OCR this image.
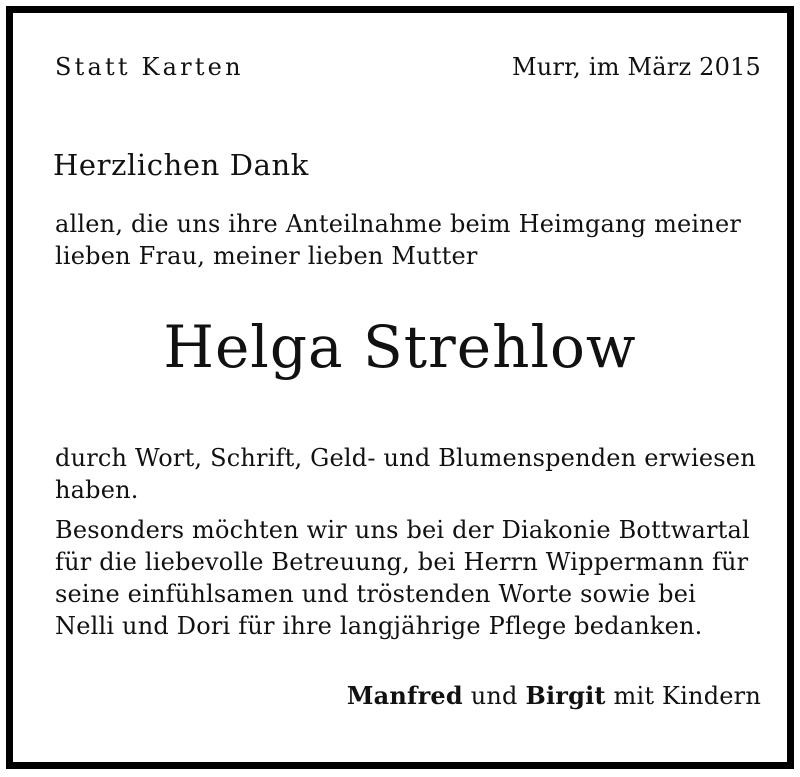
Statt Karten	Murr, im März 2015
Herzlichen Dank
allen, die uns ihre Anteilnahme beim Heimgang meiner
lieben Frau, meiner lieben Mutter
Helga Strehlow
durch Wort, Schrift, Geld- und Blumenspenden erwiesen
haben.
Besonders möchten wir uns bei der Diakonie Bottwartal
für die liebevolle Betreuung, bei Herrn Wippermann für
seine einfühlsamen und tröstenden Worte sowie bei
Nelli und Dori für ihre langjährige Pflege bedanken.
Manfred und Birgit mit Kindern
